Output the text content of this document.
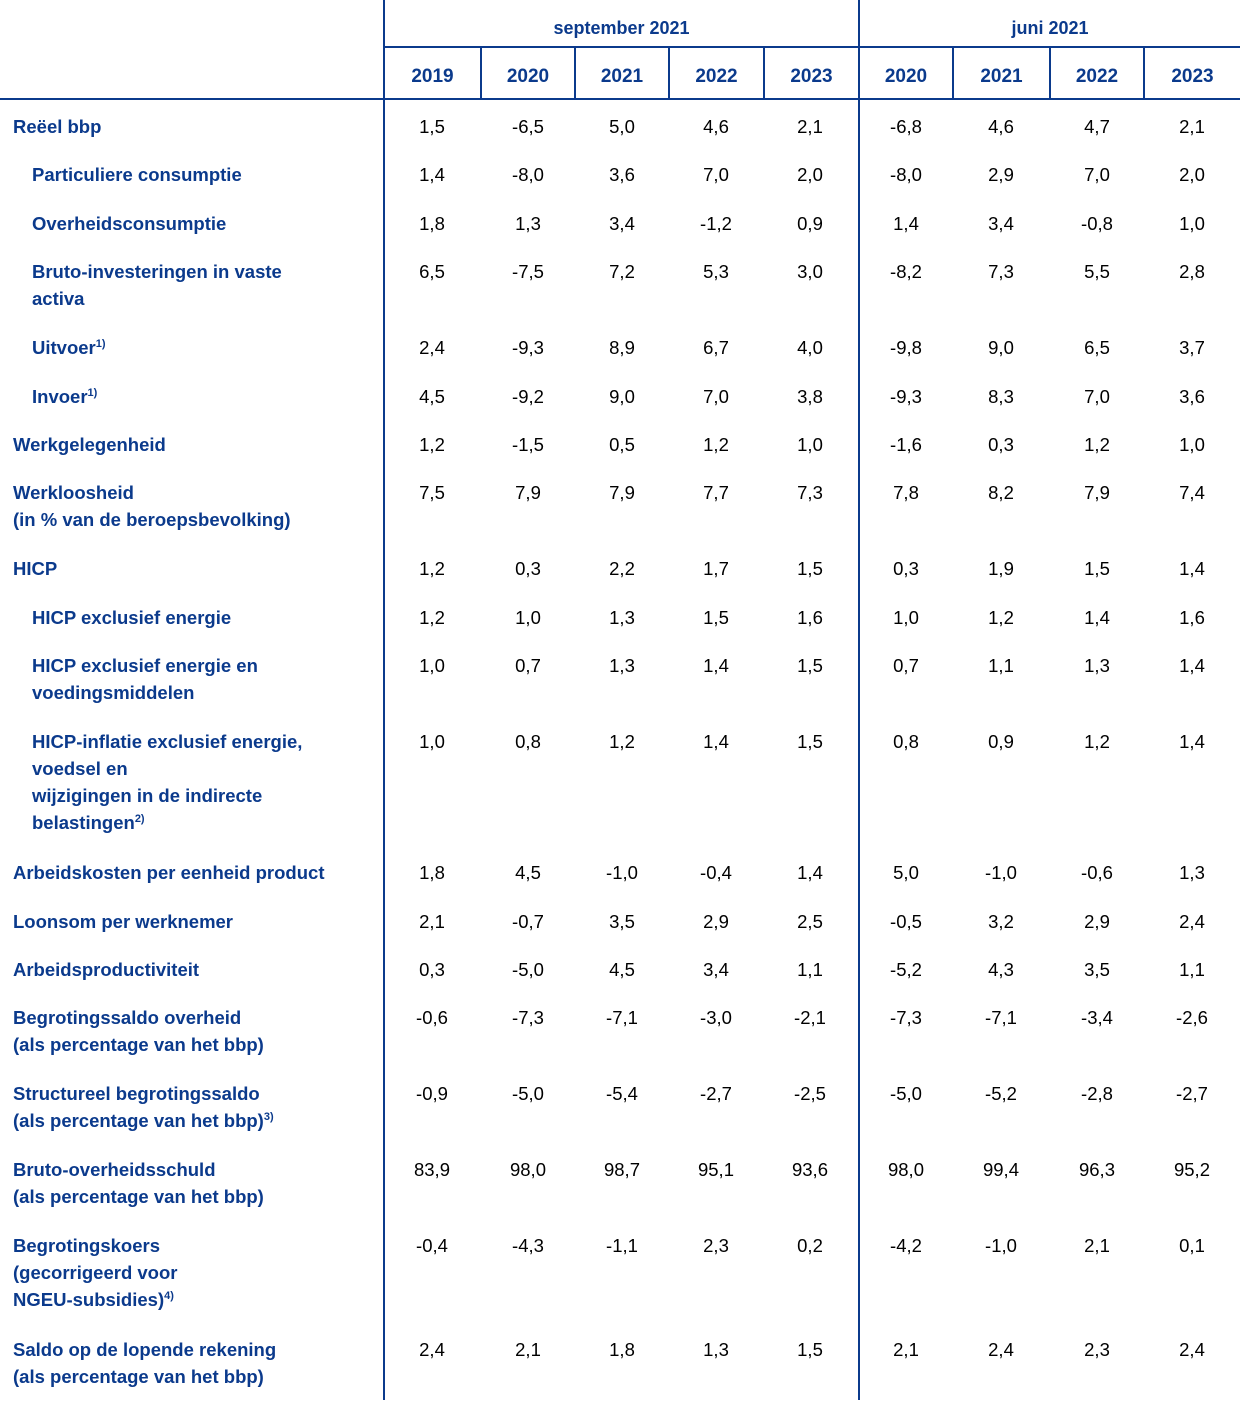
september 2021	juni 2021
2019	2020	2021	2022	2023	2020	2021	2022	2023
Reëel bbp	1,5	-6,5	5,0	4,6	2,1	-6,8	4,6	4,7	2,1
Particuliere consumptie	1,4	-8,0	3,6	7,0	2,0	-8,0	2,9	7,0	2,0
Overheidsconsumptie	1,8	1,3	3,4	-1,2	0,9	1,4	3,4	-0,8	1,0
Bruto-investeringen in vaste
activa
6,5	-7,5	7,2	5,3	3,0	-8,2	7,3	5,5	2,8
Uitvoer$^{1)}$	2,4	-9,3	8,9	6,7	4,0	-9,8	9,0	6,5	3,7
Invoer$^{1)}$	4,5	-9,2	9,0	7,0	3,8	-9,3	8,3	7,0	3,6
Werkgelegenheid	1,2	-1,5	0,5	1,2	1,0	-1,6	0,3	1,2	1,0
Werkloosheid
(in % van de beroepsbevolking)
7,5	7,9	7,9	7,7	7,3	7,8	8,2	7,9	7,4
HICP	1,2	0,3	2,2	1,7	1,5	0,3	1,9	1,5	1,4
HICP exclusief energie	1,2	1,0	1,3	1,5	1,6	1,0	1,2	1,4	1,6
HICP exclusief energie en
voedingsmiddelen
1,0	0,7	1,3	1,4	1,5	0,7	1,1	1,3	1,4
HICP-inflatie exclusief energie,
voedsel en
wijzigingen in de indirecte
belastingen$^{2)}$
1,0	0,8	1,2	1,4	1,5	0,8	0,9	1,2	1,4
Arbeidskosten per eenheid product	1,8	4,5	-1,0	-0,4	1,4	5,0	-1,0	-0,6	1,3
Loonsom per werknemer	2,1	-0,7	3,5	2,9	2,5	-0,5	3,2	2,9	2,4
Arbeidsproductiviteit	0,3	-5,0	4,5	3,4	1,1	-5,2	4,3	3,5	1,1
Begrotingssaldo overheid
(als percentage van het bbp)
-0,6	-7,3	-7,1	-3,0	-2,1	-7,3	-7,1	-3,4	-2,6
Structureel begrotingssaldo
(als percentage van het bbp)$^{3)}$
-0,9	-5,0	-5,4	-2,7	-2,5	-5,0	-5,2	-2,8	-2,7
Bruto-overheidsschuld
(als percentage van het bbp)
83,9	98,0	98,7	95,1	93,6	98,0	99,4	96,3	95,2
Begrotingskoers
(gecorrigeerd voor
NGEU-subsidies)$^{4)}$
-0,4	-4,3	-1,1	2,3	0,2	-4,2	-1,0	2,1	0,1
Saldo op de lopende rekening
(als percentage van het bbp)
2,4	2,1	1,8	1,3	1,5	2,1	2,4	2,3	2,4
